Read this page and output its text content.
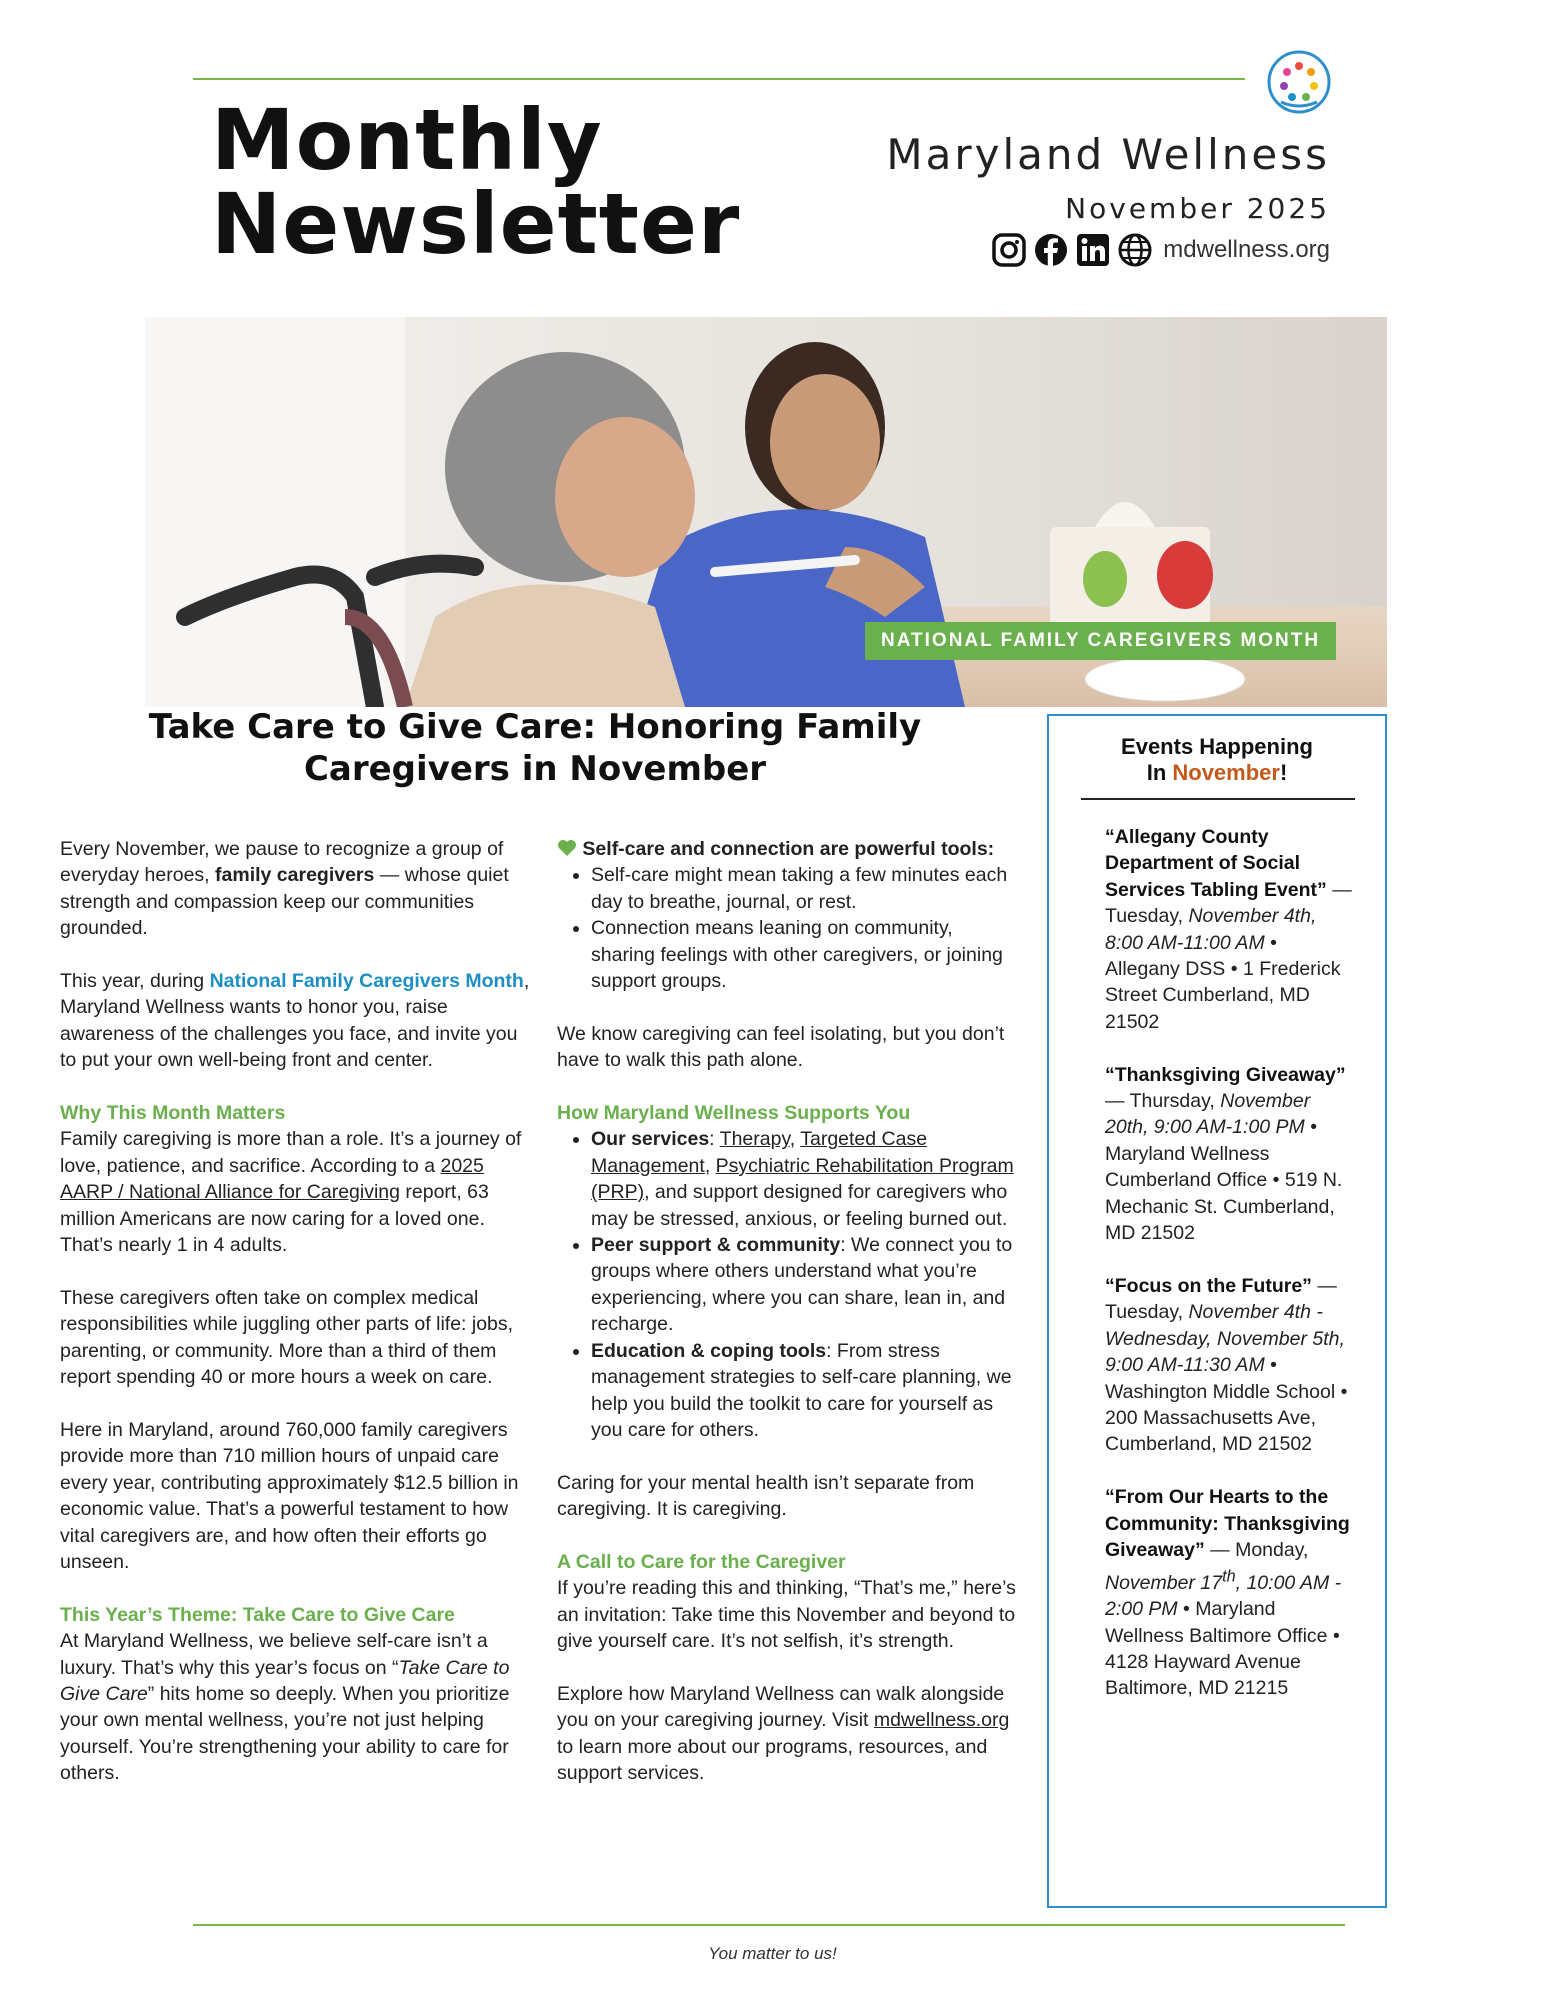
Monthly
Newsletter
Maryland Wellness
November 2025
mdwellness.org
NATIONAL FAMILY CAREGIVERS MONTH
Take Care to Give Care: Honoring Family Caregivers in November

Every November, we pause to recognize a group of everyday heroes, family caregivers — whose quiet strength and compassion keep our communities grounded.

This year, during National Family Caregivers Month, Maryland Wellness wants to honor you, raise awareness of the challenges you face, and invite you to put your own well-being front and center.

Why This Month Matters

Family caregiving is more than a role. It’s a journey of love, patience, and sacrifice. According to a 2025 AARP / National Alliance for Caregiving report, 63 million Americans are now caring for a loved one. That’s nearly 1 in 4 adults.

These caregivers often take on complex medical responsibilities while juggling other parts of life: jobs, parenting, or community. More than a third of them report spending 40 or more hours a week on care.

Here in Maryland, around 760,000 family caregivers provide more than 710 million hours of unpaid care every year, contributing approximately $12.5 billion in economic value. That’s a powerful testament to how vital caregivers are, and how often their efforts go unseen.

This Year’s Theme: Take Care to Give Care

At Maryland Wellness, we believe self-care isn’t a luxury. That’s why this year’s focus on “Take Care to Give Care” hits home so deeply. When you prioritize your own mental wellness, you’re not just helping yourself. You’re strengthening your ability to care for others.

Self-care and connection are powerful tools:
• Self-care might mean taking a few minutes each day to breathe, journal, or rest.
• Connection means leaning on community, sharing feelings with other caregivers, or joining support groups.

We know caregiving can feel isolating, but you don’t have to walk this path alone.

How Maryland Wellness Supports You
• Our services: Therapy, Targeted Case Management, Psychiatric Rehabilitation Program (PRP), and support designed for caregivers who may be stressed, anxious, or feeling burned out.
• Peer support & community: We connect you to groups where others understand what you’re experiencing, where you can share, lean in, and recharge.
• Education & coping tools: From stress management strategies to self-care planning, we help you build the toolkit to care for yourself as you care for others.

Caring for your mental health isn’t separate from caregiving. It is caregiving.

A Call to Care for the Caregiver

If you’re reading this and thinking, “That’s me,” here’s an invitation: Take time this November and beyond to give yourself care. It’s not selfish, it’s strength.

Explore how Maryland Wellness can walk alongside you on your caregiving journey. Visit mdwellness.org to learn more about our programs, resources, and support services.

Events Happening
In November!
“Allegany County Department of Social Services Tabling Event” — Tuesday, November 4th, 8:00 AM-11:00 AM • Allegany DSS • 1 Frederick Street Cumberland, MD 21502
“Thanksgiving Giveaway” — Thursday, November 20th, 9:00 AM-1:00 PM • Maryland Wellness Cumberland Office • 519 N. Mechanic St. Cumberland, MD 21502
“Focus on the Future” — Tuesday, November 4th - Wednesday, November 5th, 9:00 AM-11:30 AM • Washington Middle School • 200 Massachusetts Ave, Cumberland, MD 21502
“From Our Hearts to the Community: Thanksgiving Giveaway” — Monday, November 17th, 10:00 AM - 2:00 PM • Maryland Wellness Baltimore Office • 4128 Hayward Avenue Baltimore, MD 21215
You matter to us!
